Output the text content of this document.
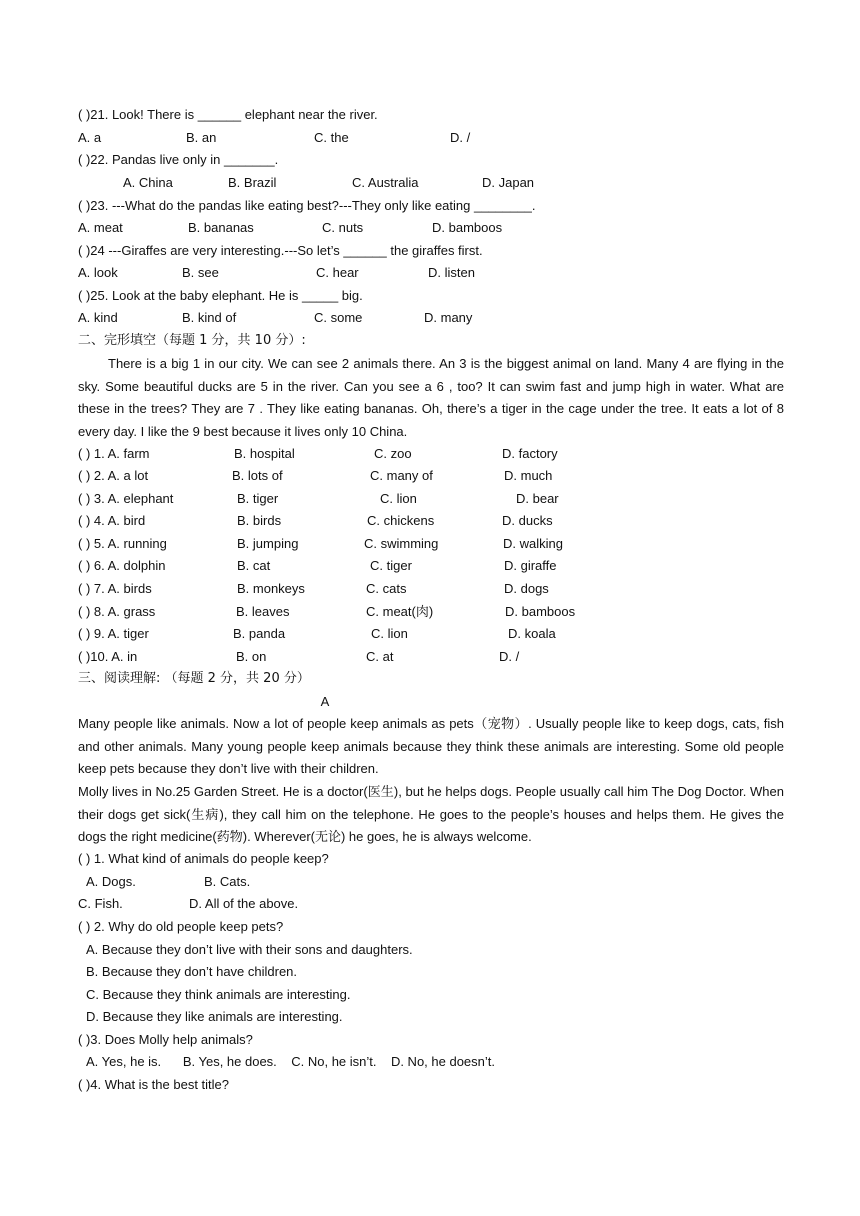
( )21. Look! There is ______ elephant near the river.
A. a	B. an	C. the	D. /
( )22. Pandas live only in _______.
A. China	B. Brazil	C. Australia	D. Japan
( )23. ---What do the pandas like eating best?---They only like eating ________.
A. meat	B. bananas	C. nuts	D. bamboos
( )24 ---Giraffes are very interesting.---So let’s ______ the giraffes first.
A. look	B. see	C. hear	D. listen
( )25. Look at the baby elephant. He is _____ big.
A. kind	B. kind of	C. some	D. many
二、完形填空（每题 1 分，共 10 分）:
There is a big 1 in our city. We can see 2 animals there. An 3 is the biggest animal on land. Many 4 are flying in the sky. Some beautiful ducks are 5 in the river. Can you see a 6 , too? It can swim fast and jump high in water. What are these in the trees? They are 7 . They like eating bananas. Oh, there’s a tiger in the cage under the tree. It eats a lot of 8 every day. I like the 9 best because it lives only 10 China.
( ) 1. A. farm	B. hospital	C. zoo	D. factory
( ) 2. A. a lot	B. lots of	C. many of	D. much
( ) 3. A. elephant	B. tiger	C. lion	D. bear
( ) 4. A. bird	B. birds	C. chickens	D. ducks
( ) 5. A. running	B. jumping	C. swimming	D. walking
( ) 6. A. dolphin	B. cat	C. tiger	D. giraffe
( ) 7. A. birds	B. monkeys	C. cats	D. dogs
( ) 8. A. grass	B. leaves	C. meat(肉)	D. bamboos
( ) 9. A. tiger	B. panda	C. lion	D. koala
( )10. A. in	B. on	C. at	D. /
三、阅读理解: （每题 2 分，共 20 分）
A
Many people like animals. Now a lot of people keep animals as pets（宠物）. Usually people like to keep dogs, cats, fish and other animals. Many young people keep animals because they think these animals are interesting. Some old people keep pets because they don’t live with their children.
Molly lives in No.25 Garden Street. He is a doctor(医生), but he helps dogs. People usually call him The Dog Doctor. When their dogs get sick(生病), they call him on the telephone. He goes to the people’s houses and helps them. He gives the dogs the right medicine(药物). Wherever(无论) he goes, he is always welcome.
( ) 1. What kind of animals do people keep?
A. Dogs.	B. Cats.
C. Fish.	D. All of the above.
( ) 2. Why do old people keep pets?
A. Because they don’t live with their sons and daughters.
B. Because they don’t have children.
C. Because they think animals are interesting.
D. Because they like animals are interesting.
( )3. Does Molly help animals?
A. Yes, he is.      B. Yes, he does.    C. No, he isn’t.    D. No, he doesn’t.
( )4. What is the best title?
